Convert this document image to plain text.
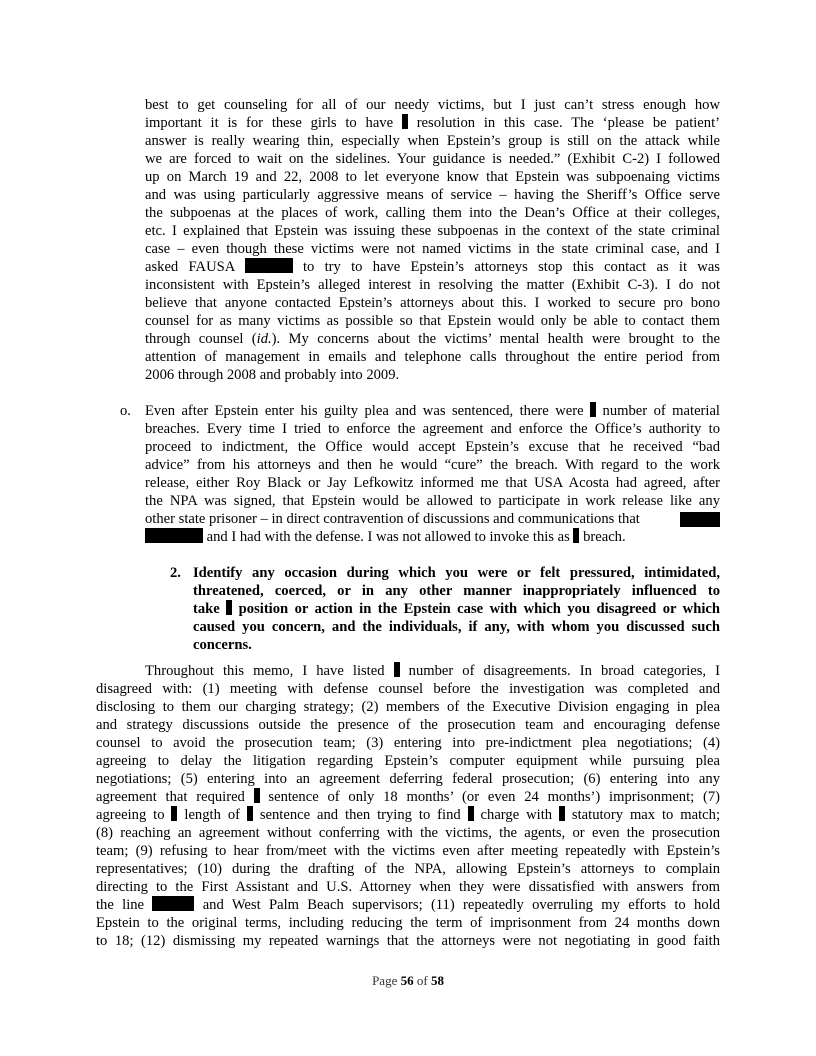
best to get counseling for all of our needy victims, but I just can’t stress enough how
important it is for these girls to have  resolution in this case. The ‘please be patient’
answer is really wearing thin, especially when Epstein’s group is still on the attack while
we are forced to wait on the sidelines. Your guidance is needed.” (Exhibit C-2) I followed
up on March 19 and 22, 2008 to let everyone know that Epstein was subpoenaing victims
and was using particularly aggressive means of service – having the Sheriff’s Office serve
the subpoenas at the places of work, calling them into the Dean’s Office at their colleges,
etc. I explained that Epstein was issuing these subpoenas in the context of the state criminal
case – even though these victims were not named victims in the state criminal case, and I
asked FAUSA	to try to have Epstein’s attorneys stop this contact as it was
inconsistent with Epstein’s alleged interest in resolving the matter (Exhibit C-3). I do not
believe that anyone contacted Epstein’s attorneys about this. I worked to secure pro bono
counsel for as many victims as possible so that Epstein would only be able to contact them
through counsel (id.). My concerns about the victims’ mental health were brought to the
attention of management in emails and telephone calls throughout the entire period from
2006 through 2008 and probably into 2009.
o. Even after Epstein enter his guilty plea and was sentenced, there were  number of material
breaches. Every time I tried to enforce the agreement and enforce the Office’s authority to
proceed to indictment, the Office would accept Epstein’s excuse that he received “bad
advice” from his attorneys and then he would “cure” the breach. With regard to the work
release, either Roy Black or Jay Lefkowitz informed me that USA Acosta had agreed, after
the NPA was signed, that Epstein would be allowed to participate in work release like any
other state prisoner – in direct contravention of discussions and communications that
and I had with the defense. I was not allowed to invoke this as  breach.
2. Identify any occasion during which you were or felt pressured, intimidated,
threatened, coerced, or in any other manner inappropriately influenced to
take  position or action in the Epstein case with which you disagreed or which
caused you concern, and the individuals, if any, with whom you discussed such
concerns.
Throughout this memo, I have listed  number of disagreements. In broad categories, I
disagreed with: (1) meeting with defense counsel before the investigation was completed and
disclosing to them our charging strategy; (2) members of the Executive Division engaging in plea
and strategy discussions outside the presence of the prosecution team and encouraging defense
counsel to avoid the prosecution team; (3) entering into pre-indictment plea negotiations; (4)
agreeing to delay the litigation regarding Epstein’s computer equipment while pursuing plea
negotiations; (5) entering into an agreement deferring federal prosecution; (6) entering into any
agreement that required  sentence of only 18 months’ (or even 24 months’) imprisonment; (7)
agreeing to  length of  sentence and then trying to find  charge with  statutory max to match;
(8) reaching an agreement without conferring with the victims, the agents, or even the prosecution
team; (9) refusing to hear from/meet with the victims even after meeting repeatedly with Epstein’s
representatives; (10) during the drafting of the NPA, allowing Epstein’s attorneys to complain
directing to the First Assistant and U.S. Attorney when they were dissatisfied with answers from
the line	and West Palm Beach supervisors; (11) repeatedly overruling my efforts to hold
Epstein to the original terms, including reducing the term of imprisonment from 24 months down
to 18; (12) dismissing my repeated warnings that the attorneys were not negotiating in good faith
Page 56 of 58
